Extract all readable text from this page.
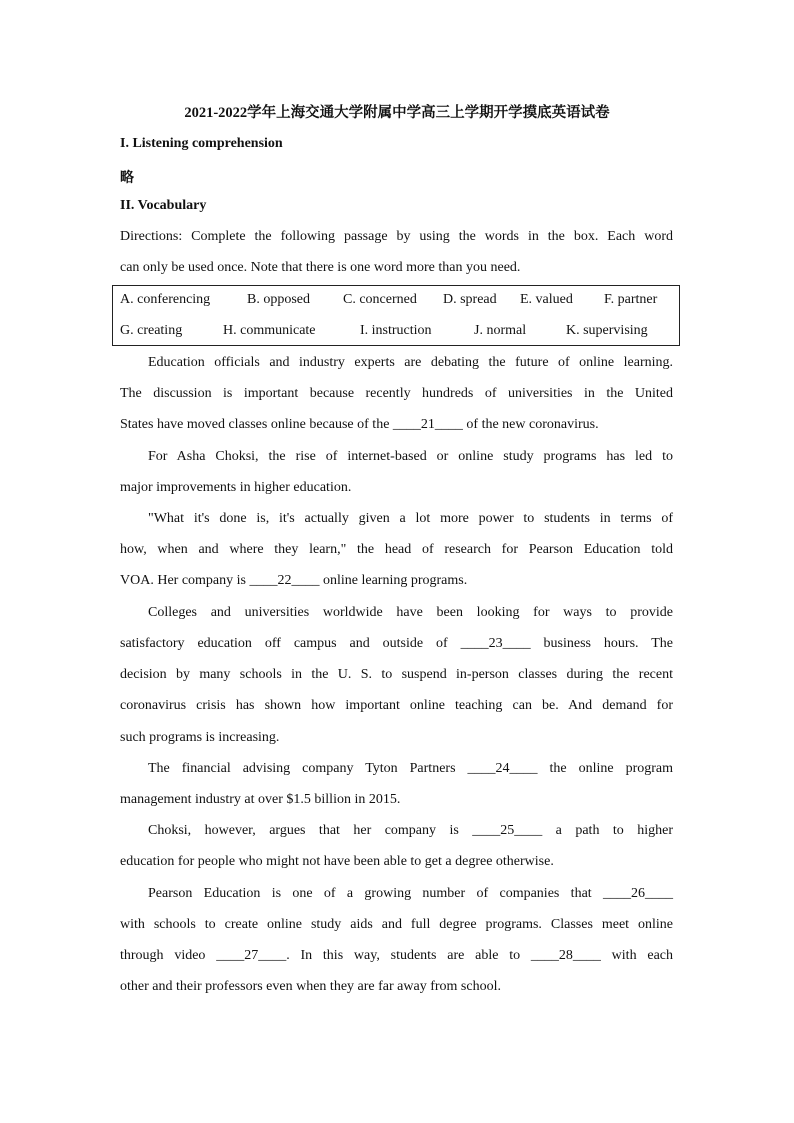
2021-2022学年上海交通大学附属中学高三上学期开学摸底英语试卷
I. Listening comprehension
略
II. Vocabulary
Directions: Complete the following passage by using the words in the box. Each word
can only be used once. Note that there is one word more than you need.
A. conferencing	B. opposed C. concerned D. spread E. valued F. partner
G. creating	H. communicate	I. instruction	J. normal	K. supervising
Education officials and industry experts are debating the future of online learning.
The discussion is important because recently hundreds of universities in the United
States have moved classes online because of the ____21____ of the new coronavirus.
For Asha Choksi, the rise of internet-based or online study programs has led to
major improvements in higher education.
"What it's done is, it's actually given a lot more power to students in terms of
how, when and where they learn," the head of research for Pearson Education told
VOA. Her company is ____22____ online learning programs.
Colleges and universities worldwide have been looking for ways to provide
satisfactory education off campus and outside of ____23____ business hours. The
decision by many schools in the U. S. to suspend in-person classes during the recent
coronavirus crisis has shown how important online teaching can be. And demand for
such programs is increasing.
The financial advising company Tyton Partners ____24____ the online program
management industry at over $1.5 billion in 2015.
Choksi, however, argues that her company is ____25____ a path to higher
education for people who might not have been able to get a degree otherwise.
Pearson Education is one of a growing number of companies that ____26____
with schools to create online study aids and full degree programs. Classes meet online
through video ____27____. In this way, students are able to ____28____ with each
other and their professors even when they are far away from school.
